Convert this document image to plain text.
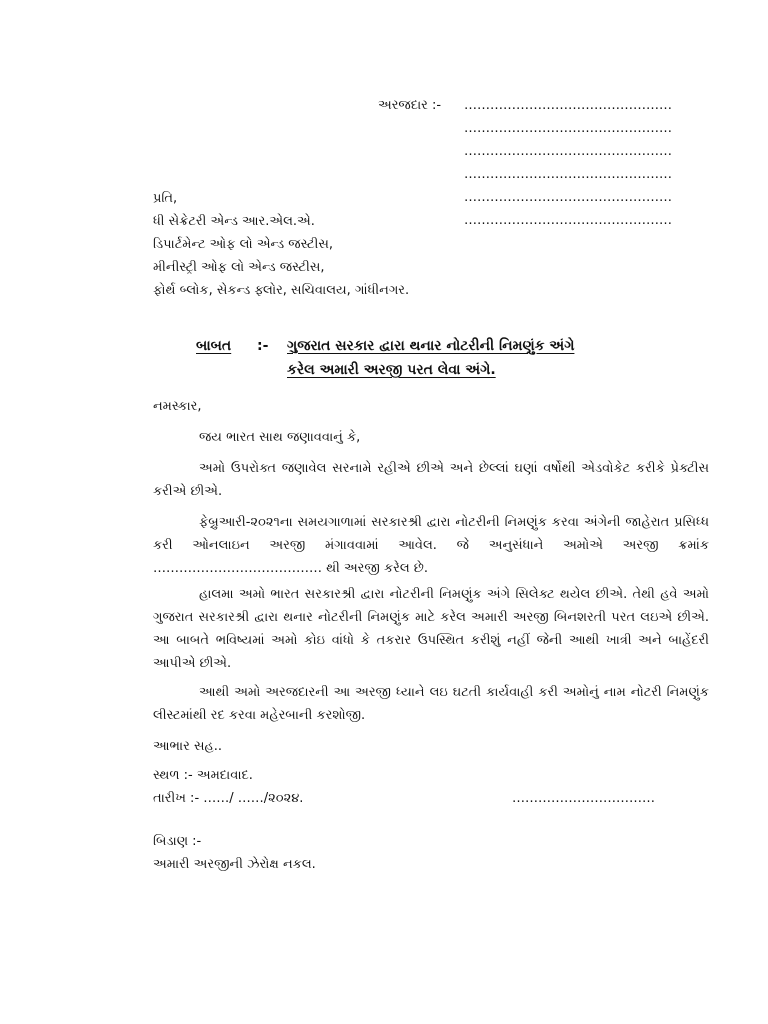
અરજદાર :- …………………………………………
…………………………………………
…………………………………………
…………………………………………
…………………………………………
…………………………………………
પ્રતિ,
ધી સેક્રેટરી એન્ડ આર.એલ.એ.
ડિપાર્ટમેન્ટ ઓફ લો એન્ડ જસ્ટીસ,
મીનીસ્ટ્રી ઓફ લો એન્ડ જસ્ટીસ,
ફોર્થ બ્લોક, સેકન્ડ ફ્લોર, સચિવાલય, ગાંધીનગર.
બાબત :- ગુજરાત સરકાર દ્વારા થનાર નોટરીની નિમણુંક અંગે
કરેલ અમારી અરજી પરત લેવા અંગે.
નમસ્કાર,
જય ભારત સાથ જણાવવાનું કે,
અમો ઉપરોક્ત જણાવેલ સરનામે રહીએ છીએ અને છેલ્લાં ઘણાં વર્ષોથી એડવોકેટ કરીકે પ્રેક્ટીસ કરીએ છીએ.
ફેબ્રુઆરી-૨૦૨૧ના સમયગાળામાં સરકારશ્રી દ્વારા નોટરીની નિમણુંક કરવા અંગેની જાહેરાત પ્રસિધ્ધ કરી ઓનલાઇન અરજી મંગાવવામાં આવેલ. જે અનુસંધાને અમોએ અરજી ક્રમાંક ………………………………… થી અરજી કરેલ છે.
હાલમા અમો ભારત સરકારશ્રી દ્વારા નોટરીની નિમણુંક અંગે સિલેક્ટ થયેલ છીએ. તેથી હવે અમો ગુજરાત સરકારશ્રી દ્વારા થનાર નોટરીની નિમણુંક માટે કરેલ અમારી અરજી બિનશરતી પરત લઇએ છીએ. આ બાબતે ભવિષ્યમાં અમો કોઇ વાંધો કે તકરાર ઉપસ્થિત કરીશું નહીં જેની આથી ખાત્રી અને બાહેંદરી આપીએ છીએ.
આથી અમો અરજદારની આ અરજી ધ્યાને લઇ ઘટતી કાર્યવાહી કરી અમોનું નામ નોટરી નિમણુંક લીસ્ટમાંથી રદ કરવા મહેરબાની કરશોજી.
આભાર સહ..
સ્થળ :- અમદાવાદ.
તારીખ :- ……/ ……/૨૦૨૪.	……………………………
બિડાણ :-
અમારી અરજીની ઝેરોક્ષ નકલ.
